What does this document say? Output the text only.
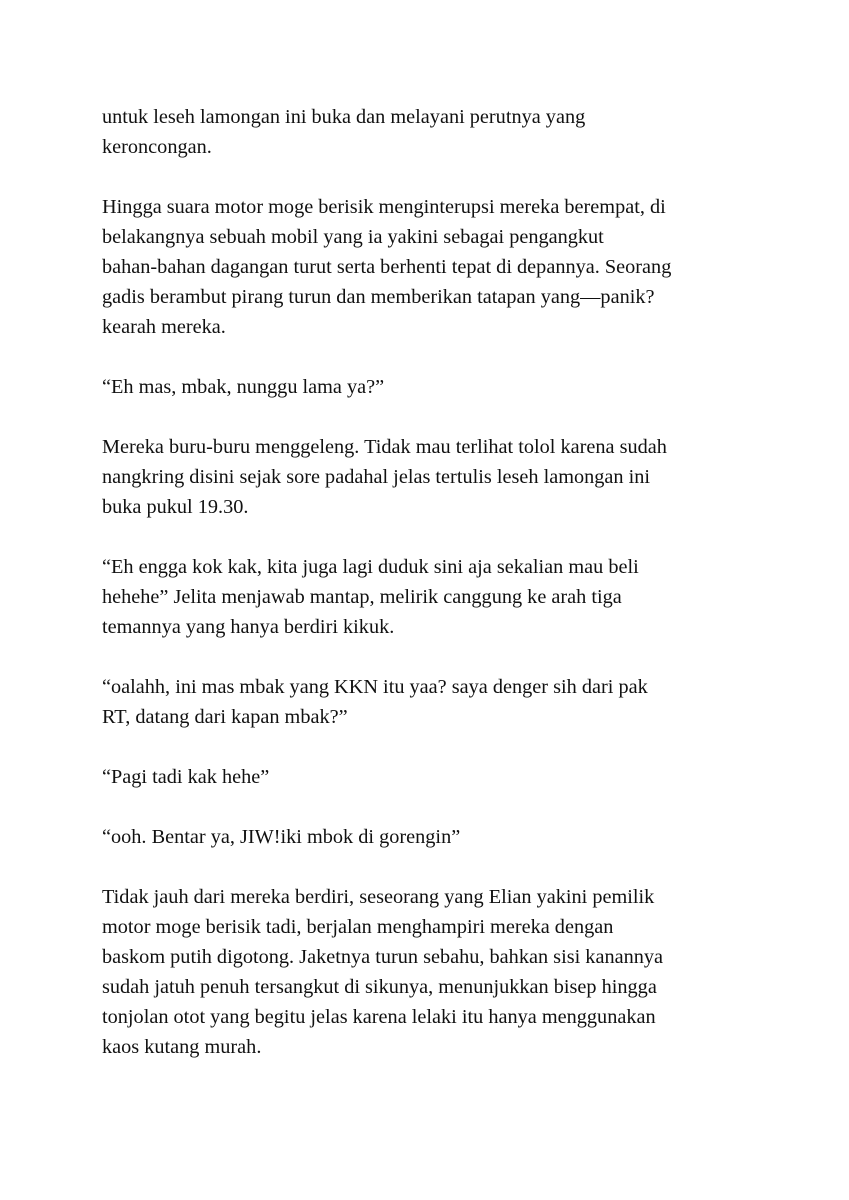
untuk leseh lamongan ini buka dan melayani perutnya yang
keroncongan.

Hingga suara motor moge berisik menginterupsi mereka berempat, di
belakangnya sebuah mobil yang ia yakini sebagai pengangkut
bahan-bahan dagangan turut serta berhenti tepat di depannya. Seorang
gadis berambut pirang turun dan memberikan tatapan yang—panik?
kearah mereka.

“Eh mas, mbak, nunggu lama ya?”

Mereka buru-buru menggeleng. Tidak mau terlihat tolol karena sudah
nangkring disini sejak sore padahal jelas tertulis leseh lamongan ini
buka pukul 19.30.

“Eh engga kok kak, kita juga lagi duduk sini aja sekalian mau beli
hehehe” Jelita menjawab mantap, melirik canggung ke arah tiga
temannya yang hanya berdiri kikuk.

“oalahh, ini mas mbak yang KKN itu yaa? saya denger sih dari pak
RT, datang dari kapan mbak?”

“Pagi tadi kak hehe”

“ooh. Bentar ya, JIW!iki mbok di gorengin”

Tidak jauh dari mereka berdiri, seseorang yang Elian yakini pemilik
motor moge berisik tadi, berjalan menghampiri mereka dengan
baskom putih digotong. Jaketnya turun sebahu, bahkan sisi kanannya
sudah jatuh penuh tersangkut di sikunya, menunjukkan bisep hingga
tonjolan otot yang begitu jelas karena lelaki itu hanya menggunakan
kaos kutang murah.
